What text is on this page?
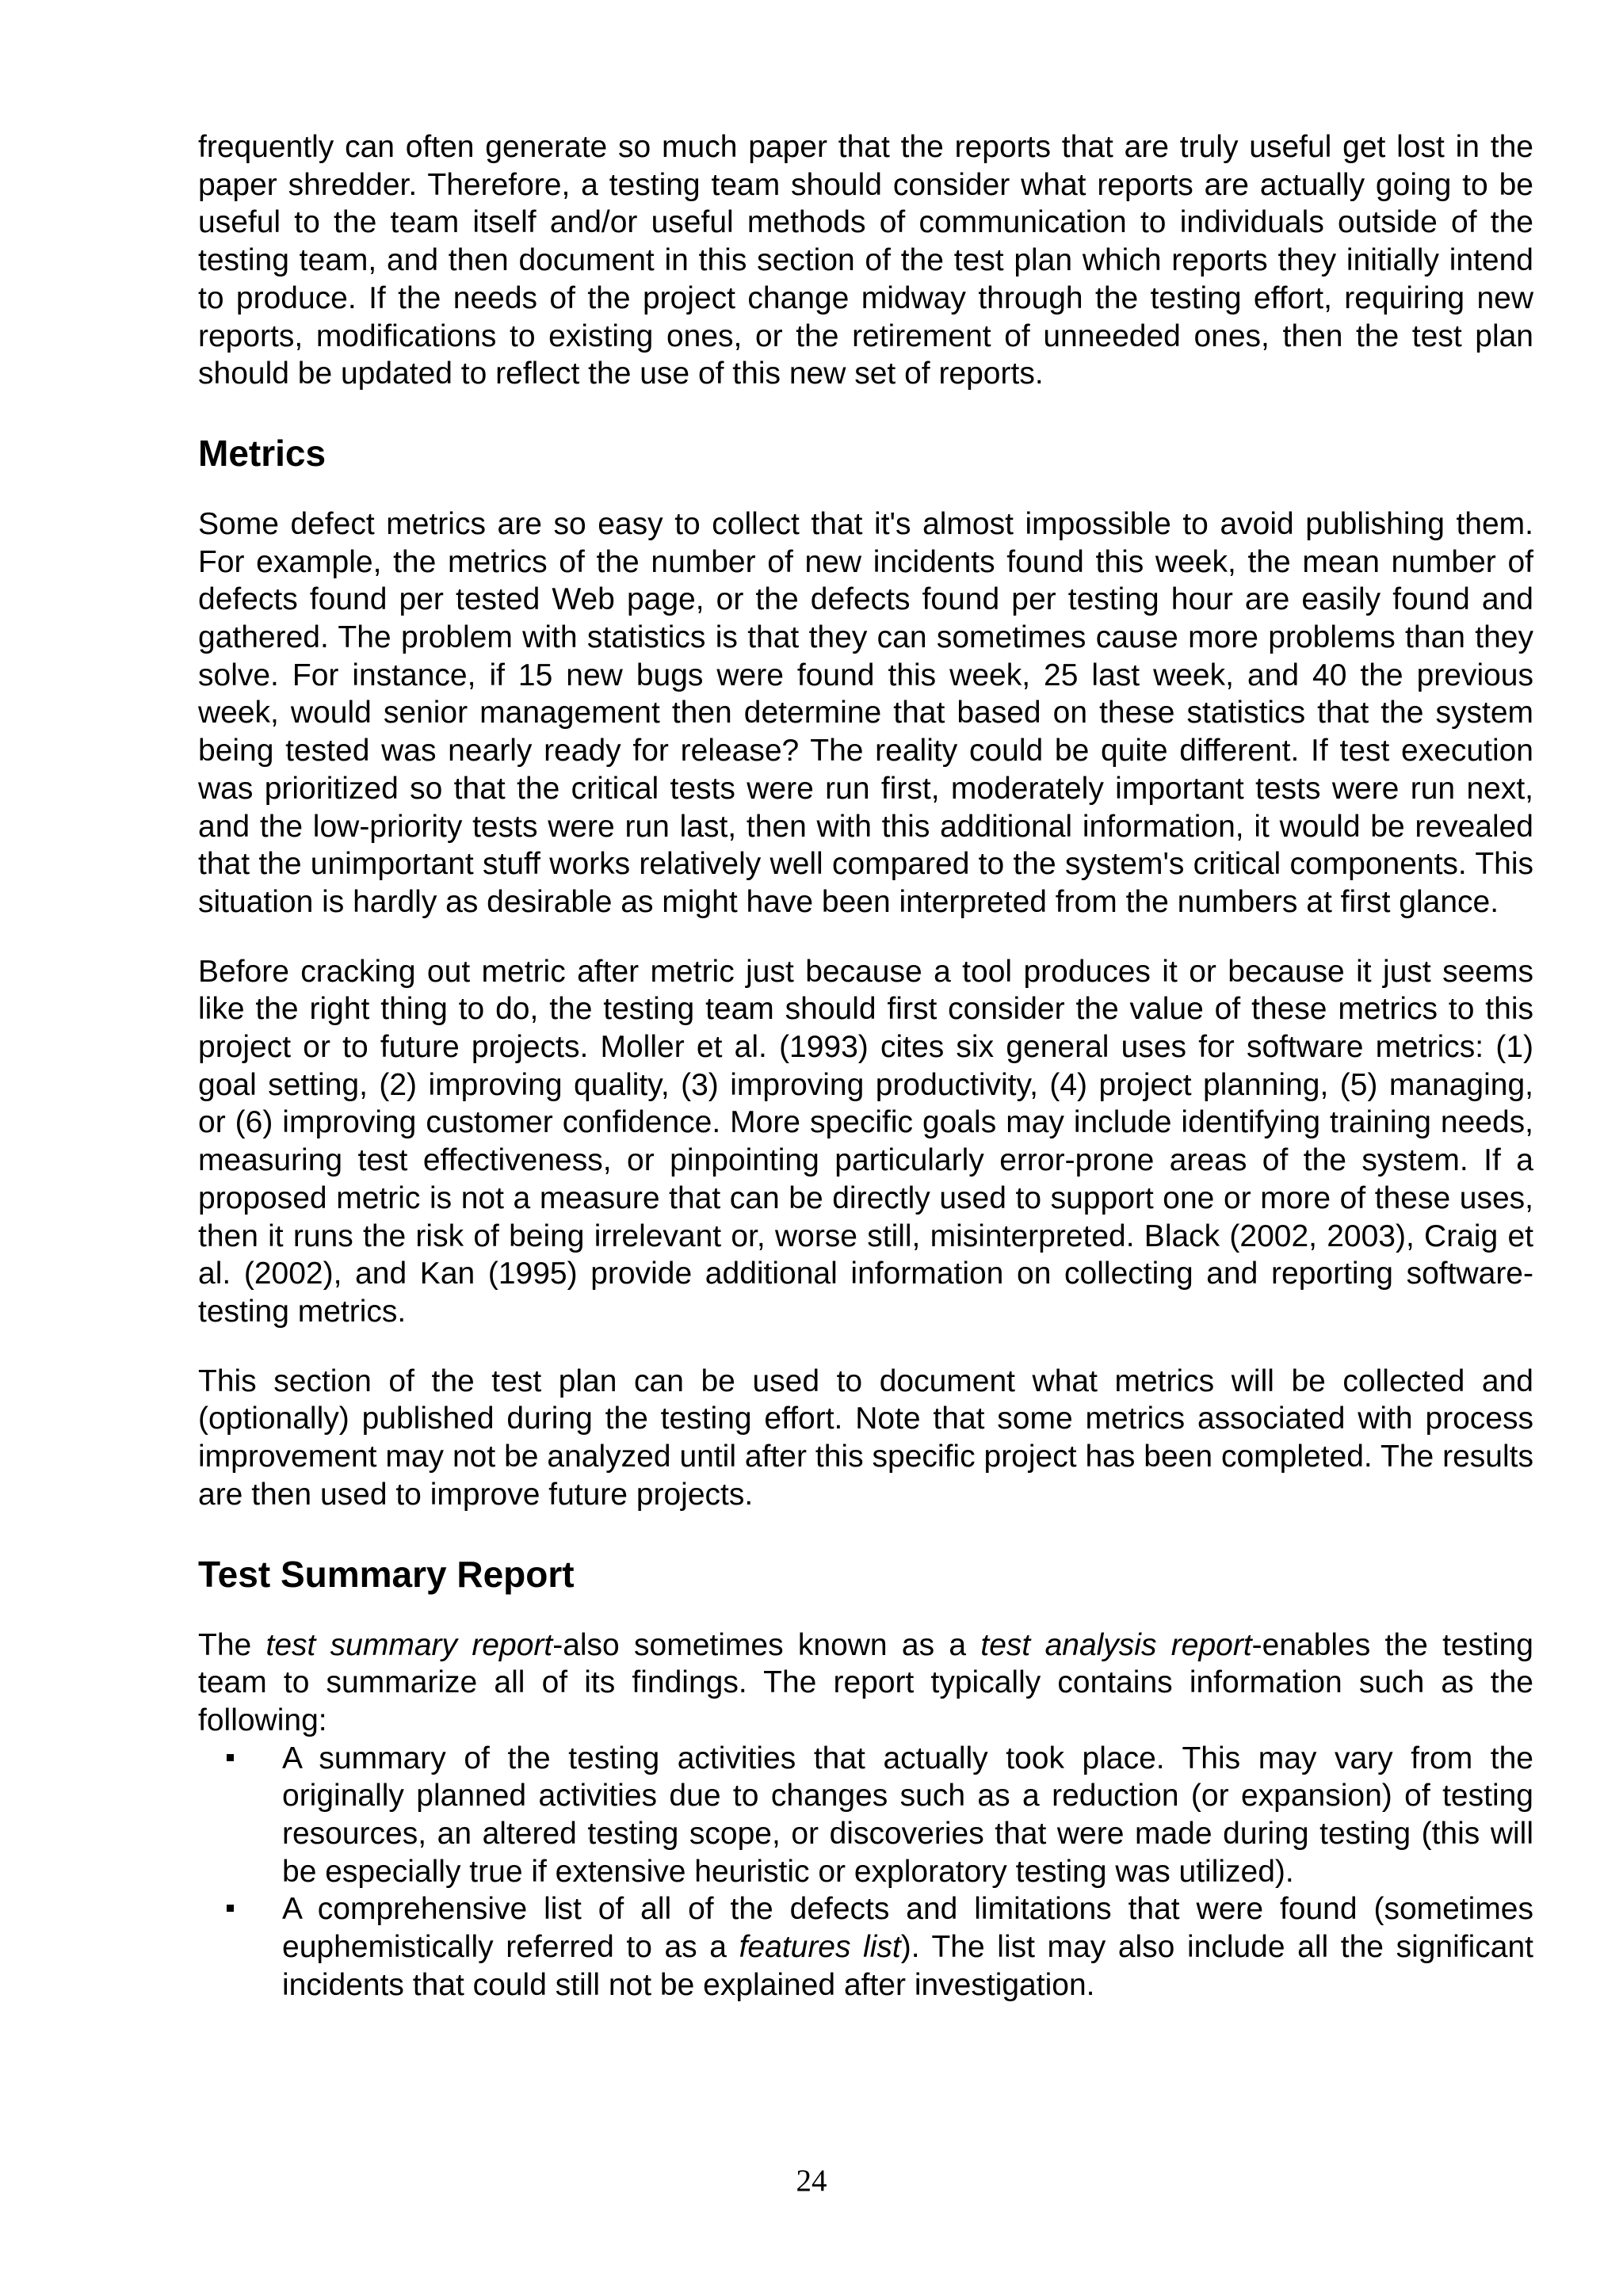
frequently can often generate so much paper that the reports that are truly useful get lost in the paper shredder. Therefore, a testing team should consider what reports are actually going to be useful to the team itself and/or useful methods of communication to individuals outside of the testing team, and then document in this section of the test plan which reports they initially intend to produce. If the needs of the project change midway through the testing effort, requiring new reports, modifications to existing ones, or the retirement of unneeded ones, then the test plan should be updated to reflect the use of this new set of reports.

Metrics

Some defect metrics are so easy to collect that it's almost impossible to avoid publishing them. For example, the metrics of the number of new incidents found this week, the mean number of defects found per tested Web page, or the defects found per testing hour are easily found and gathered. The problem with statistics is that they can sometimes cause more problems than they solve. For instance, if 15 new bugs were found this week, 25 last week, and 40 the previous week, would senior management then determine that based on these statistics that the system being tested was nearly ready for release? The reality could be quite different. If test execution was prioritized so that the critical tests were run first, moderately important tests were run next, and the low-priority tests were run last, then with this additional information, it would be revealed that the unimportant stuff works relatively well compared to the system's critical components. This situation is hardly as desirable as might have been interpreted from the numbers at first glance.

Before cracking out metric after metric just because a tool produces it or because it just seems like the right thing to do, the testing team should first consider the value of these metrics to this project or to future projects. Moller et al. (1993) cites six general uses for software metrics: (1) goal setting, (2) improving quality, (3) improving productivity, (4) project planning, (5) managing, or (6) improving customer confidence. More specific goals may include identifying training needs, measuring test effectiveness, or pinpointing particularly error-prone areas of the system. If a proposed metric is not a measure that can be directly used to support one or more of these uses, then it runs the risk of being irrelevant or, worse still, misinterpreted. Black (2002, 2003), Craig et al. (2002), and Kan (1995) provide additional information on collecting and reporting software-testing metrics.

This section of the test plan can be used to document what metrics will be collected and (optionally) published during the testing effort. Note that some metrics associated with process improvement may not be analyzed until after this specific project has been completed. The results are then used to improve future projects.

Test Summary Report

The test summary report-also sometimes known as a test analysis report-enables the testing team to summarize all of its findings. The report typically contains information such as the following:

A summary of the testing activities that actually took place. This may vary from the originally planned activities due to changes such as a reduction (or expansion) of testing resources, an altered testing scope, or discoveries that were made during testing (this will be especially true if extensive heuristic or exploratory testing was utilized).
A comprehensive list of all of the defects and limitations that were found (sometimes euphemistically referred to as a features list). The list may also include all the significant incidents that could still not be explained after investigation.
24
